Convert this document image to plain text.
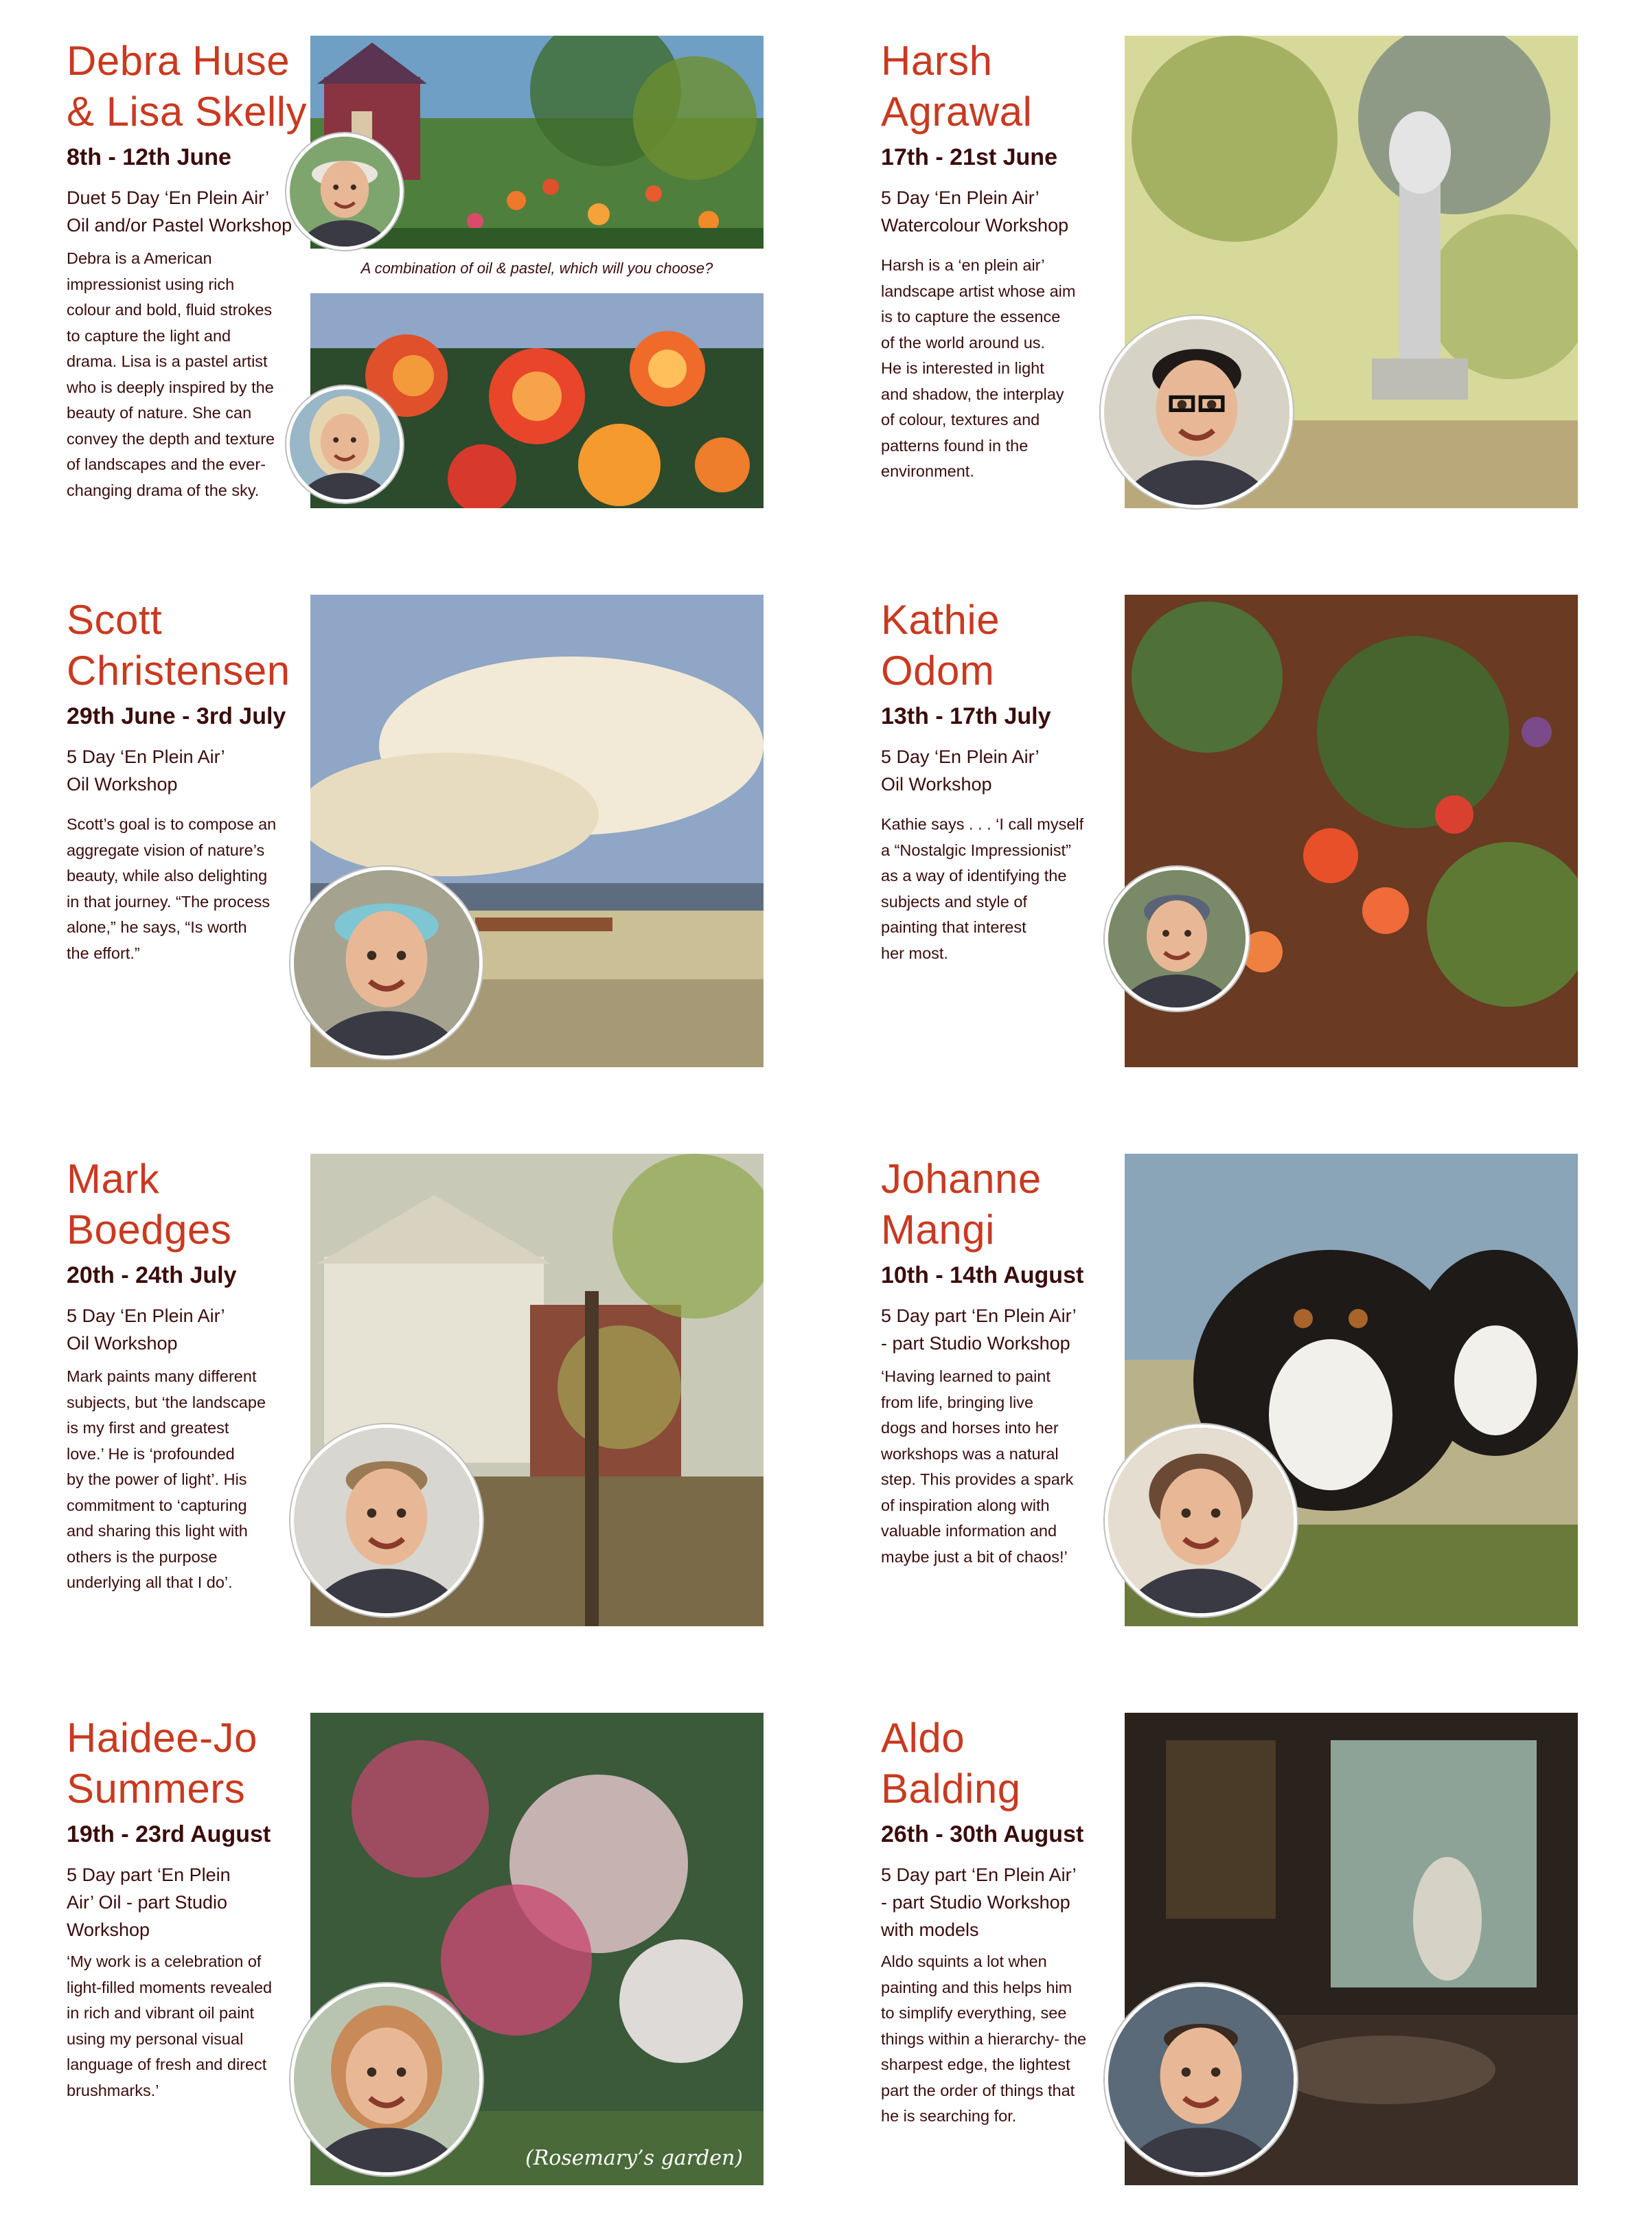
Debra Huse
& Lisa Skelly
8th - 12th June
Duet 5 Day ‘En Plein Air’
Oil and/or Pastel Workshop
Debra is a American
impressionist using rich
colour and bold, fluid strokes
to capture the light and
drama. Lisa is a pastel artist
who is deeply inspired by the
beauty of nature. She can
convey the depth and texture
of landscapes and the ever-
changing drama of the sky.
A combination of oil & pastel, which will you choose?
Harsh
Agrawal
17th - 21st June
5 Day ‘En Plein Air’
Watercolour Workshop
Harsh is a ‘en plein air’
landscape artist whose aim
is to capture the essence
of the world around us.
He is interested in light
and shadow, the interplay
of colour, textures and
patterns found in the
environment.
Scott
Christensen
29th June - 3rd July
5 Day ‘En Plein Air’
Oil Workshop
Scott’s goal is to compose an
aggregate vision of nature’s
beauty, while also delighting
in that journey. “The process
alone,” he says, “Is worth
the effort.”
Kathie
Odom
13th - 17th July
5 Day ‘En Plein Air’
Oil Workshop
Kathie says . . . ‘I call myself
a “Nostalgic Impressionist”
as a way of identifying the
subjects and style of
painting that interest
her most.
Mark
Boedges
20th - 24th July
5 Day ‘En Plein Air’
Oil Workshop
Mark paints many different
subjects, but ‘the landscape
is my first and greatest
love.’ He is ‘profounded
by the power of light’. His
commitment to ‘capturing
and sharing this light with
others is the purpose
underlying all that I do’.
Johanne
Mangi
10th - 14th August
5 Day part ‘En Plein Air’
- part Studio Workshop
‘Having learned to paint
from life, bringing live
dogs and horses into her
workshops was a natural
step. This provides a spark
of inspiration along with
valuable information and
maybe just a bit of chaos!’
Haidee-Jo
Summers
19th - 23rd August
5 Day part ‘En Plein
Air’ Oil - part Studio
Workshop
‘My work is a celebration of
light-filled moments revealed
in rich and vibrant oil paint
using my personal visual
language of fresh and direct
brushmarks.’
(Rosemary’s garden)
Aldo
Balding
26th - 30th August
5 Day part ‘En Plein Air’
- part Studio Workshop
with models
Aldo squints a lot when
painting and this helps him
to simplify everything, see
things within a hierarchy- the
sharpest edge, the lightest
part the order of things that
he is searching for.
